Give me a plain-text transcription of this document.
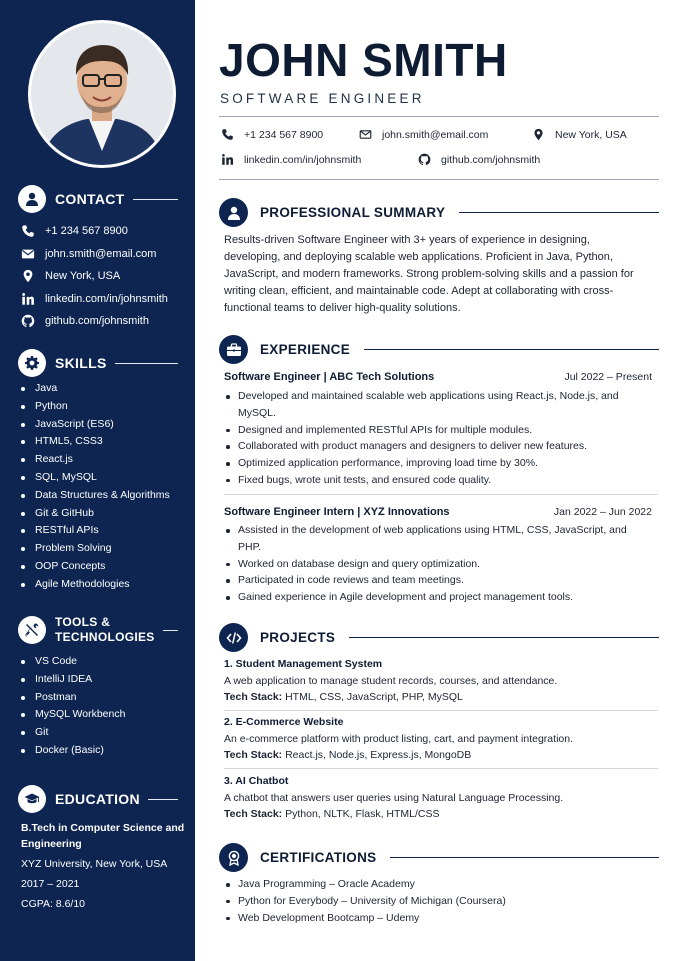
CONTACT
+1 234 567 8900
john.smith@email.com
New York, USA
linkedin.com/in/johnsmith
github.com/johnsmith
SKILLS
Java
Python
JavaScript (ES6)
HTML5, CSS3
React.js
SQL, MySQL
Data Structures & Algorithms
Git & GitHub
RESTful APIs
Problem Solving
OOP Concepts
Agile Methodologies
TOOLS & TECHNOLOGIES
VS Code
IntelliJ IDEA
Postman
MySQL Workbench
Git
Docker (Basic)
EDUCATION
B.Tech in Computer Science and Engineering
XYZ University, New York, USA
2017 – 2021
CGPA: 8.6/10
JOHN SMITH
SOFTWARE ENGINEER
+1 234 567 8900	john.smith@email.com	New York, USA
linkedin.com/in/johnsmith	github.com/johnsmith
PROFESSIONAL SUMMARY
Results-driven Software Engineer with 3+ years of experience in designing, developing, and deploying scalable web applications. Proficient in Java, Python, JavaScript, and modern frameworks. Strong problem-solving skills and a passion for writing clean, efficient, and maintainable code. Adept at collaborating with cross-functional teams to deliver high-quality solutions.
EXPERIENCE
Software Engineer | ABC Tech Solutions	Jul 2022 – Present
Developed and maintained scalable web applications using React.js, Node.js, and MySQL.
Designed and implemented RESTful APIs for multiple modules.
Collaborated with product managers and designers to deliver new features.
Optimized application performance, improving load time by 30%.
Fixed bugs, wrote unit tests, and ensured code quality.
Software Engineer Intern | XYZ Innovations	Jan 2022 – Jun 2022
Assisted in the development of web applications using HTML, CSS, JavaScript, and PHP.
Worked on database design and query optimization.
Participated in code reviews and team meetings.
Gained experience in Agile development and project management tools.
PROJECTS
1. Student Management System
A web application to manage student records, courses, and attendance.
Tech Stack: HTML, CSS, JavaScript, PHP, MySQL
2. E-Commerce Website
An e-commerce platform with product listing, cart, and payment integration.
Tech Stack: React.js, Node.js, Express.js, MongoDB
3. AI Chatbot
A chatbot that answers user queries using Natural Language Processing.
Tech Stack: Python, NLTK, Flask, HTML/CSS
CERTIFICATIONS
Java Programming – Oracle Academy
Python for Everybody – University of Michigan (Coursera)
Web Development Bootcamp – Udemy
